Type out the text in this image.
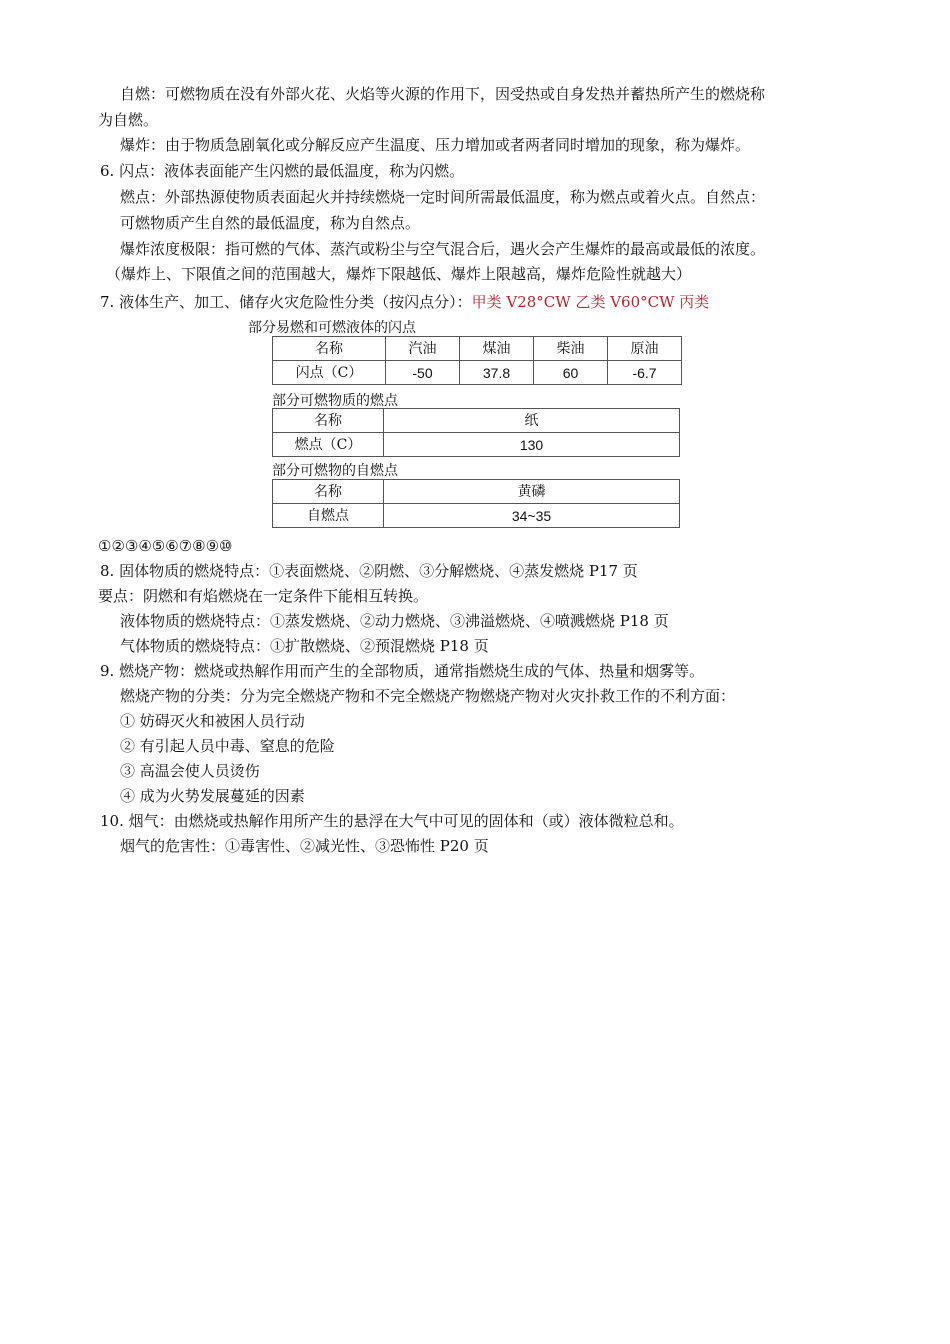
自燃：可燃物质在没有外部火花、火焰等火源的作用下，因受热或自身发热并蓄热所产生的燃烧称
为自燃。
爆炸：由于物质急剧氧化或分解反应产生温度、压力增加或者两者同时增加的现象，称为爆炸。
6. 闪点：液体表面能产生闪燃的最低温度，称为闪燃。
燃点：外部热源使物质表面起火并持续燃烧一定时间所需最低温度，称为燃点或着火点。自然点：
可燃物质产生自然的最低温度，称为自然点。
爆炸浓度极限：指可燃的气体、蒸汽或粉尘与空气混合后，遇火会产生爆炸的最高或最低的浓度。
（爆炸上、下限值之间的范围越大，爆炸下限越低、爆炸上限越高，爆炸危险性就越大）
7. 液体生产、加工、储存火灾危险性分类（按闪点分）：甲类 V28°CW 乙类 V60°CW 丙类
部分易燃和可燃液体的闪点
名称	汽油	煤油	柴油	原油
闪点（C）	-50	37.8	60	-6.7
部分可燃物质的燃点
名称	纸
燃点（C）	130
部分可燃物的自燃点
名称	黄磷
自燃点	34~35
①②③④⑤⑥⑦⑧⑨⑩
8. 固体物质的燃烧特点：①表面燃烧、②阴燃、③分解燃烧、④蒸发燃烧 P17 页
要点：阴燃和有焰燃烧在一定条件下能相互转换。
液体物质的燃烧特点：①蒸发燃烧、②动力燃烧、③沸溢燃烧、④喷溅燃烧 P18 页
气体物质的燃烧特点：①扩散燃烧、②预混燃烧 P18 页
9. 燃烧产物：燃烧或热解作用而产生的全部物质，通常指燃烧生成的气体、热量和烟雾等。
燃烧产物的分类：分为完全燃烧产物和不完全燃烧产物燃烧产物对火灾扑救工作的不利方面：
① 妨碍灭火和被困人员行动
② 有引起人员中毒、窒息的危险
③ 高温会使人员烫伤
④ 成为火势发展蔓延的因素
10. 烟气：由燃烧或热解作用所产生的悬浮在大气中可见的固体和（或）液体微粒总和。
烟气的危害性：①毒害性、②减光性、③恐怖性 P20 页
